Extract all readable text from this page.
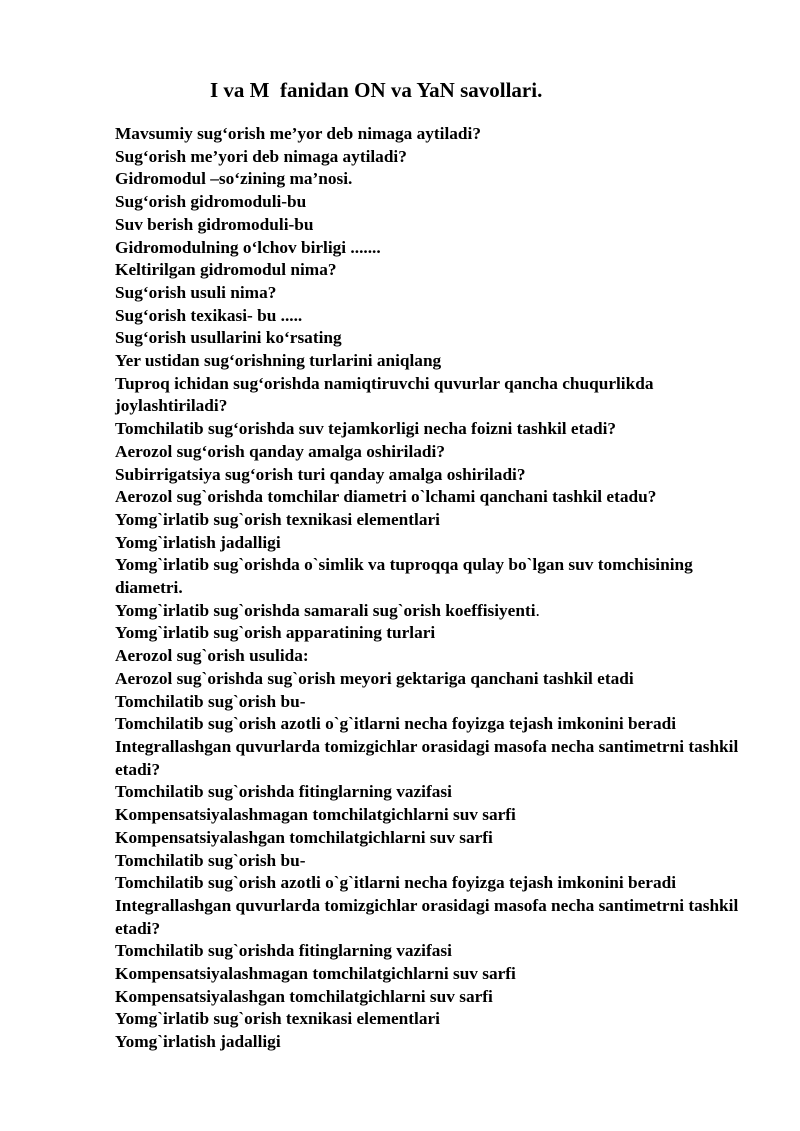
I va M  fanidan ON va YaN savollari.
Mavsumiy sug‘orish me’yor deb nimaga aytiladi?
Sug‘orish me’yori deb nimaga aytiladi?
Gidromodul –so‘zining ma’nosi.
Sug‘orish gidromoduli-bu
Suv berish gidromoduli-bu
Gidromodulning o‘lchov birligi .......
Keltirilgan gidromodul nima?
Sug‘orish usuli nima?
Sug‘orish texikasi- bu .....
Sug‘orish usullarini ko‘rsating
Yer ustidan sug‘orishning turlarini aniqlang
Tuproq ichidan sug‘orishda namiqtiruvchi quvurlar qancha chuqurlikda joylashtiriladi?
Tomchilatib sug‘orishda suv tejamkorligi necha foizni tashkil etadi?
Aerozol sug‘orish qanday amalga oshiriladi?
Subirrigatsiya sug‘orish turi qanday amalga oshiriladi?
Aerozol sug`orishda tomchilar diametri o`lchami qanchani tashkil etadu?
Yomg`irlatib sug`orish texnikasi elementlari
Yomg`irlatish jadalligi
Yomg`irlatib sug`orishda o`simlik va tuproqqa qulay bo`lgan suv tomchisining diametri.
Yomg`irlatib sug`orishda samarali sug`orish koeffisiyenti.
Yomg`irlatib sug`orish apparatining turlari
Aerozol sug`orish usulida:
Aerozol sug`orishda sug`orish meyori gektariga qanchani tashkil etadi
Tomchilatib sug`orish bu-
Tomchilatib sug`orish azotli o`g`itlarni necha foyizga tejash imkonini beradi
Integrallashgan quvurlarda tomizgichlar orasidagi masofa necha santimetrni tashkil etadi?
Tomchilatib sug`orishda fitinglarning vazifasi
Kompensatsiyalashmagan tomchilatgichlarni suv sarfi
Kompensatsiyalashgan tomchilatgichlarni suv sarfi
Tomchilatib sug`orish bu-
Tomchilatib sug`orish azotli o`g`itlarni necha foyizga tejash imkonini beradi
Integrallashgan quvurlarda tomizgichlar orasidagi masofa necha santimetrni tashkil etadi?
Tomchilatib sug`orishda fitinglarning vazifasi
Kompensatsiyalashmagan tomchilatgichlarni suv sarfi
Kompensatsiyalashgan tomchilatgichlarni suv sarfi
Yomg`irlatib sug`orish texnikasi elementlari
Yomg`irlatish jadalligi
